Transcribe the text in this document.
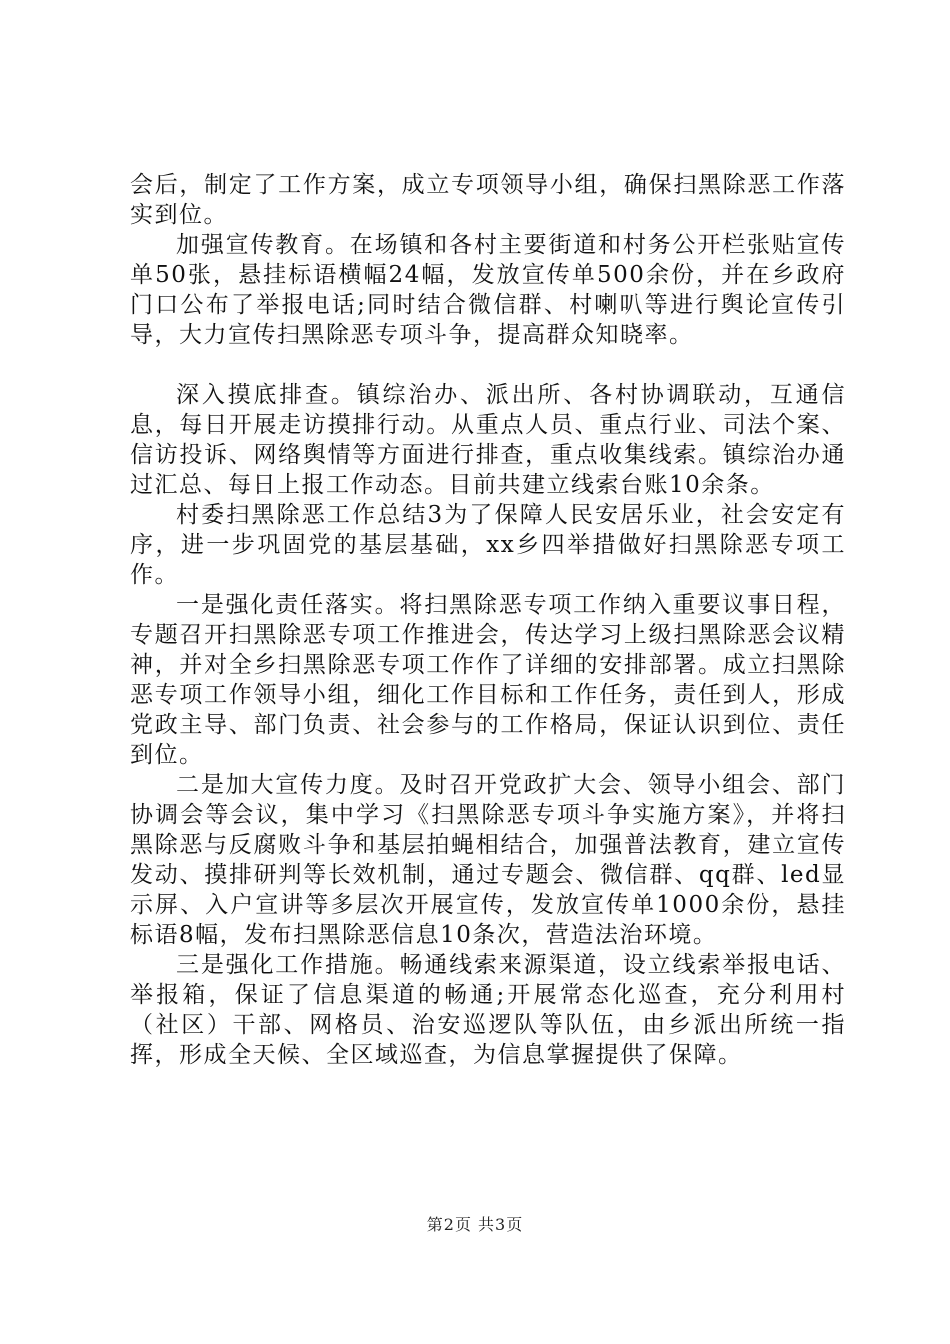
会后，制定了工作方案，成立专项领导小组，确保扫黑除恶工作落实到位。

加强宣传教育。在场镇和各村主要街道和村务公开栏张贴宣传单50张，悬挂标语横幅24幅，发放宣传单500余份，并在乡政府门口公布了举报电话;同时结合微信群、村喇叭等进行舆论宣传引导，大力宣传扫黑除恶专项斗争，提高群众知晓率。

深入摸底排查。镇综治办、派出所、各村协调联动，互通信息，每日开展走访摸排行动。从重点人员、重点行业、司法个案、信访投诉、网络舆情等方面进行排查，重点收集线索。镇综治办通过汇总、每日上报工作动态。目前共建立线索台账10余条。

村委扫黑除恶工作总结3为了保障人民安居乐业，社会安定有序，进一步巩固党的基层基础，xx乡四举措做好扫黑除恶专项工作。

一是强化责任落实。将扫黑除恶专项工作纳入重要议事日程，专题召开扫黑除恶专项工作推进会，传达学习上级扫黑除恶会议精神，并对全乡扫黑除恶专项工作作了详细的安排部署。成立扫黑除恶专项工作领导小组，细化工作目标和工作任务，责任到人，形成党政主导、部门负责、社会参与的工作格局，保证认识到位、责任到位。

二是加大宣传力度。及时召开党政扩大会、领导小组会、部门协调会等会议，集中学习《扫黑除恶专项斗争实施方案》，并将扫黑除恶与反腐败斗争和基层拍蝇相结合，加强普法教育，建立宣传发动、摸排研判等长效机制，通过专题会、微信群、qq群、led显示屏、入户宣讲等多层次开展宣传，发放宣传单1000余份，悬挂标语8幅，发布扫黑除恶信息10条次，营造法治环境。

三是强化工作措施。畅通线索来源渠道，设立线索举报电话、举报箱，保证了信息渠道的畅通;开展常态化巡查，充分利用村（社区）干部、网格员、治安巡逻队等队伍，由乡派出所统一指挥，形成全天候、全区域巡查，为信息掌握提供了保障。

第2页 共3页
